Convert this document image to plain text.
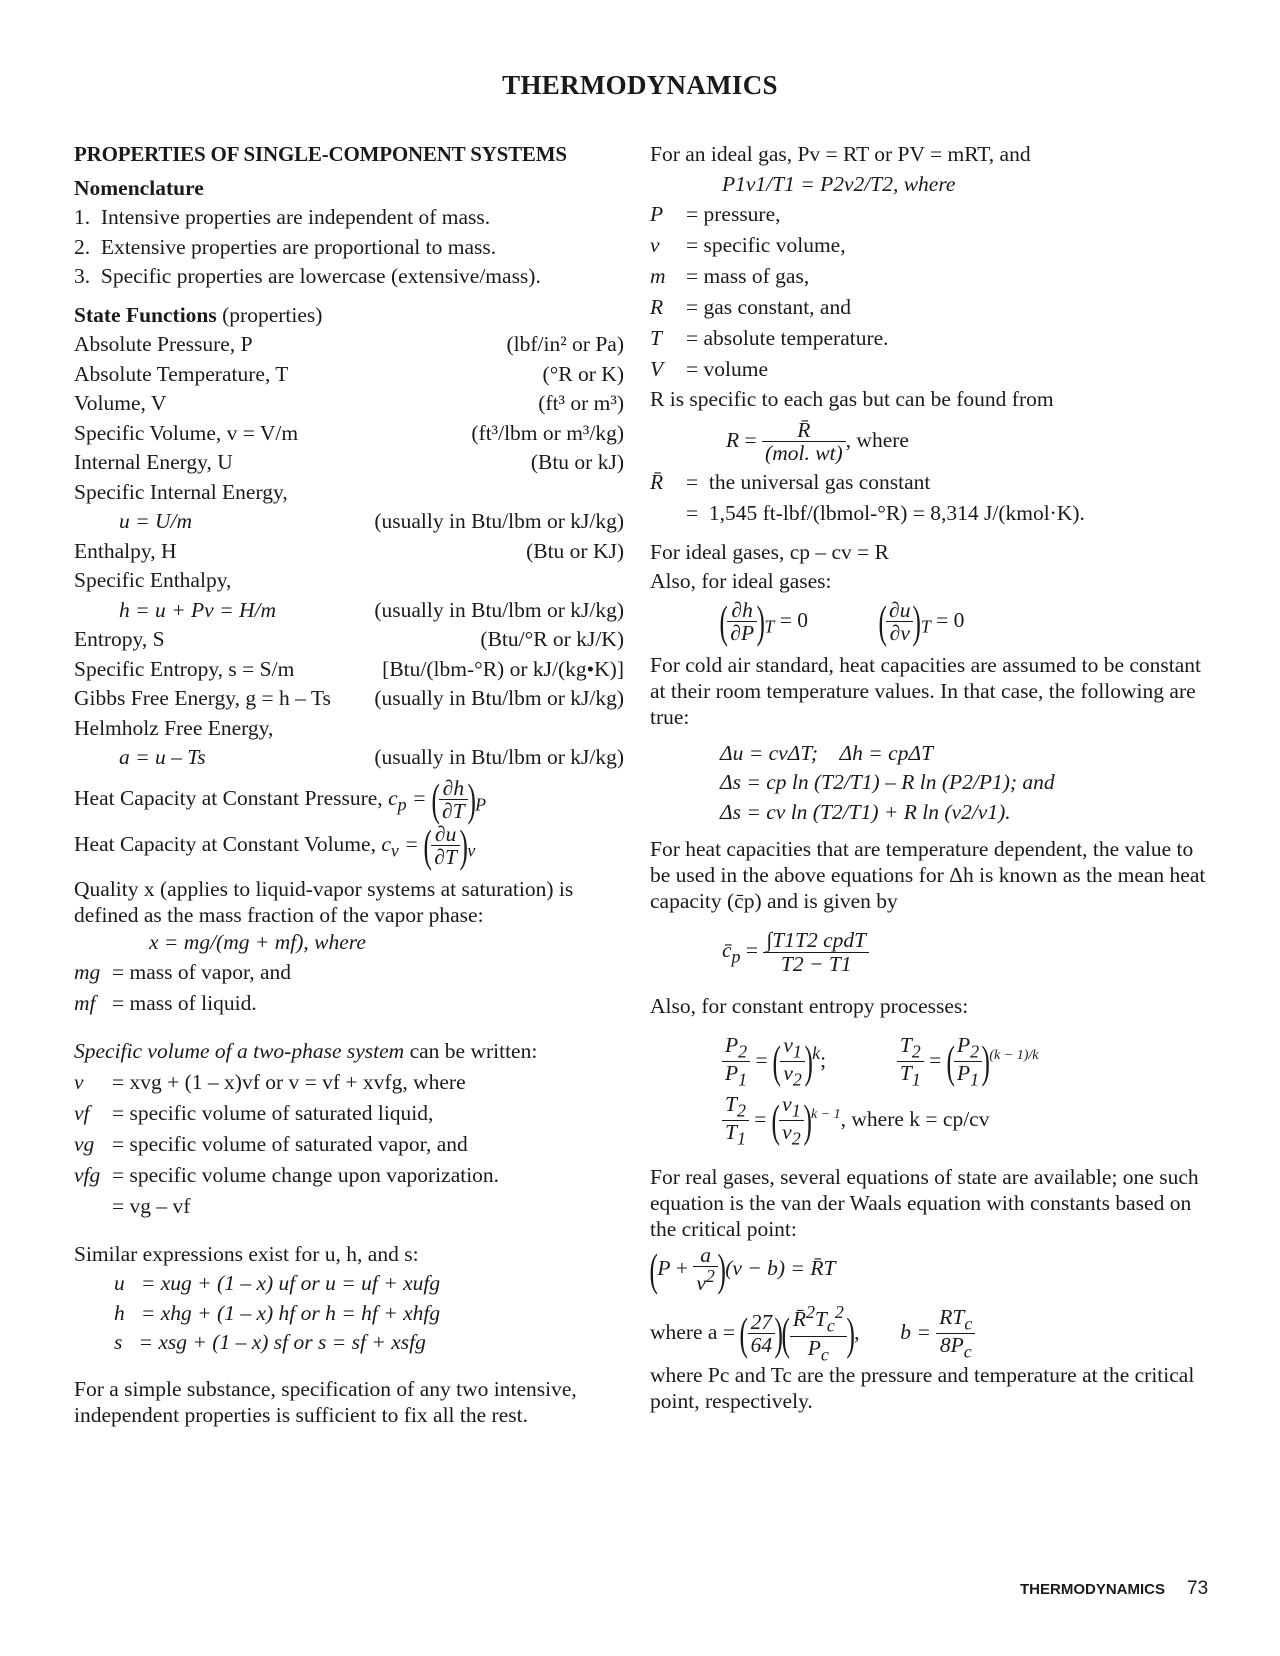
THERMODYNAMICS
PROPERTIES OF SINGLE-COMPONENT SYSTEMS
Nomenclature
1.  Intensive properties are independent of mass.
2.  Extensive properties are proportional to mass.
3.  Specific properties are lowercase (extensive/mass).
State Functions (properties)
Absolute Pressure, P	(lbf/in² or Pa)
Absolute Temperature, T	(°R or K)
Volume, V	(ft³ or m³)
Specific Volume, v = V/m	(ft³/lbm or m³/kg)
Internal Energy, U	(Btu or kJ)
Specific Internal Energy,
u = U/m	(usually in Btu/lbm or kJ/kg)
Enthalpy, H	(Btu or KJ)
Specific Enthalpy,
h = u + Pv = H/m	(usually in Btu/lbm or kJ/kg)
Entropy, S	(Btu/°R or kJ/K)
Specific Entropy, s = S/m	[Btu/(lbm-°R) or kJ/(kg•K)]
Gibbs Free Energy, g = h – Ts (usually in Btu/lbm or kJ/kg)
Helmholz Free Energy,
a = u – Ts	(usually in Btu/lbm or kJ/kg)
Heat Capacity at Constant Pressure, $c_p$ = ( $\frac{\partial h}{\partial T} )_P$
Heat Capacity at Constant Volume, $c_v$ = ( $\frac{\partial u}{\partial T} )_v$
Quality x (applies to liquid-vapor systems at saturation) is defined as the mass fraction of the vapor phase:
x = mg/(mg + mf), where
mg = mass of vapor, and
mf = mass of liquid.
Specific volume of a two-phase system can be written:
v	= xvg + (1 – x)vf or v = vf + xvfg, where
vf	= specific volume of saturated liquid,
vg = specific volume of saturated vapor, and
vfg = specific volume change upon vaporization.
= vg – vf
Similar expressions exist for u, h, and s:
u   = xug + (1 – x) uf or u = uf + xufg
h   = xhg + (1 – x) hf or h = hf + xhfg
s   = xsg + (1 – x) sf or s = sf + xsfg
For a simple substance, specification of any two intensive, independent properties is sufficient to fix all the rest.
For an ideal gas, Pv = RT or PV = mRT, and
P1v1/T1 = P2v2/T2, where
P	= pressure,
v	= specific volume,
m = mass of gas,
R	= gas constant, and
T	= absolute temperature.
V	= volume
R is specific to each gas but can be found from
$R = \frac{R̄}{\text{(mol. wt)}}$ , where
R̄	=  the universal gas constant
=  1,545 ft-lbf/(lbmol-°R) = 8,314 J/(kmol·K).
For ideal gases, cp – cv = R
Also, for ideal gases:
( $\frac{\partial h}{\partial P} )_T = 0$  ( $\frac{\partial u}{\partial v} )_T = 0$
For cold air standard, heat capacities are assumed to be constant at their room temperature values. In that case, the following are true:
Δu = cvΔT;    Δh = cpΔT
Δs = cp ln (T2/T1) – R ln (P2/P1); and
Δs = cv ln (T2/T1) + R ln (v2/v1).
For heat capacities that are temperature dependent, the value to be used in the above equations for Δh is known as the mean heat capacity (c̄p) and is given by
$c̄_p = \frac{\text{∫T1T2 cpdT}}{T2 - T1}$
Also, for constant entropy processes:
$\frac{P_2}{P_1}$ = ( $\frac{v_1}{v_2} )^k$;	$\frac{T_2}{T_1}$ = ( $\frac{P_2}{P_1} )^{(k - 1)/k}$
$\frac{T_2}{T_1}$ = ( $\frac{v_1}{v_2} )^{k - 1}$, where k = cp/cv
For real gases, several equations of state are available; one such equation is the van der Waals equation with constants based on the critical point:
$(P + \frac{a}{v^2} )(v - b)$ = R̄T
where a = ( $\frac{27}{64}$ )( $\frac{R̄^2T_c^2}{P_c}$ ),  $b = \frac{RT_c}{8P_c}$
where Pc and Tc are the pressure and temperature at the critical point, respectively.
THERMODYNAMICS 73
